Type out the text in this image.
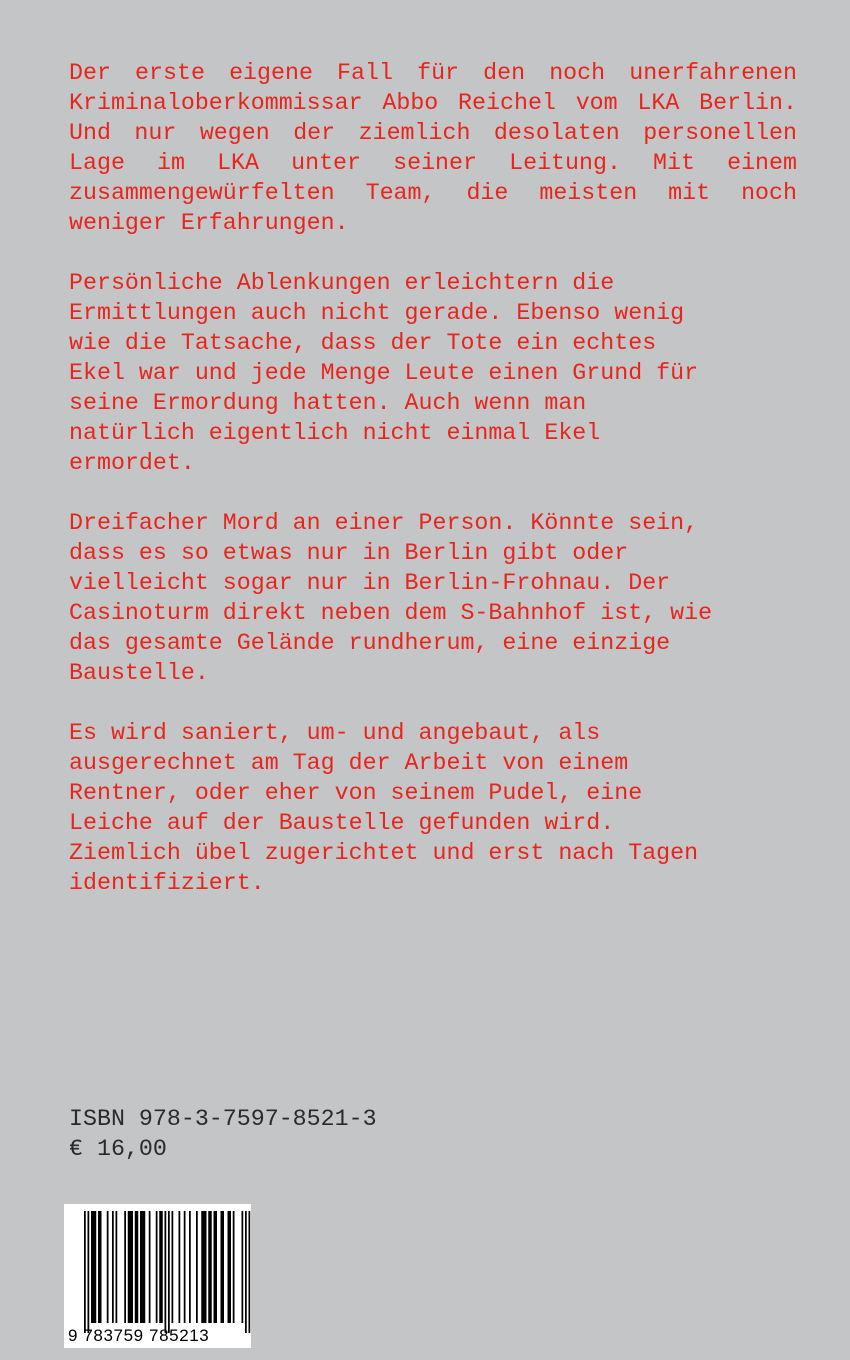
Der erste eigene Fall für den noch unerfahrenen Kriminaloberkommissar Abbo Reichel vom LKA Berlin. Und nur wegen der ziemlich desolaten personellen Lage im LKA unter seiner Leitung. Mit einem zusammengewürfelten Team, die meisten mit noch weniger Erfahrungen.

Persönliche Ablenkungen erleichtern die
Ermittlungen auch nicht gerade. Ebenso wenig
wie die Tatsache, dass der Tote ein echtes
Ekel war und jede Menge Leute einen Grund für
seine Ermordung hatten. Auch wenn man
natürlich eigentlich nicht einmal Ekel
ermordet.

Dreifacher Mord an einer Person. Könnte sein,
dass es so etwas nur in Berlin gibt oder
vielleicht sogar nur in Berlin-Frohnau. Der
Casinoturm direkt neben dem S-Bahnhof ist, wie
das gesamte Gelände rundherum, eine einzige
Baustelle.

Es wird saniert, um- und angebaut, als
ausgerechnet am Tag der Arbeit von einem
Rentner, oder eher von seinem Pudel, eine
Leiche auf der Baustelle gefunden wird.
Ziemlich übel zugerichtet und erst nach Tagen
identifiziert.

ISBN 978-3-7597-8521-3
€ 16,00
9 783759 785213
